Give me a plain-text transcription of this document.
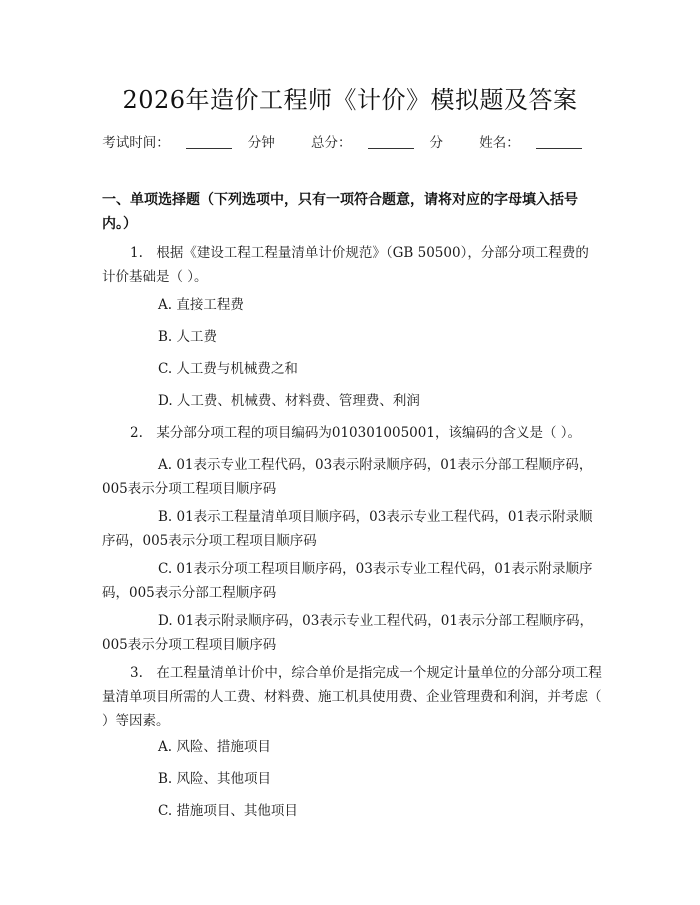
2026年造价工程师《计价》模拟题及答案
考试时间：	分钟	总分：	分	姓名：
一、单项选择题（下列选项中，只有一项符合题意，请将对应的字母填入括号内。）
1.　根据《建设工程工程量清单计价规范》（GB 50500），分部分项工程费的计价基础是（ ）。
A. 直接工程费
B. 人工费
C. 人工费与机械费之和
D. 人工费、机械费、材料费、管理费、利润
2.　某分部分项工程的项目编码为010301005001，该编码的含义是（ ）。
A. 01表示专业工程代码，03表示附录顺序码，01表示分部工程顺序码，005表示分项工程项目顺序码
B. 01表示工程量清单项目顺序码，03表示专业工程代码，01表示附录顺序码，005表示分项工程项目顺序码
C. 01表示分项工程项目顺序码，03表示专业工程代码，01表示附录顺序码，005表示分部工程顺序码
D. 01表示附录顺序码，03表示专业工程代码，01表示分部工程顺序码，005表示分项工程项目顺序码
3.　在工程量清单计价中，综合单价是指完成一个规定计量单位的分部分项工程量清单项目所需的人工费、材料费、施工机具使用费、企业管理费和利润，并考虑（ ）等因素。
A. 风险、措施项目
B. 风险、其他项目
C. 措施项目、其他项目
